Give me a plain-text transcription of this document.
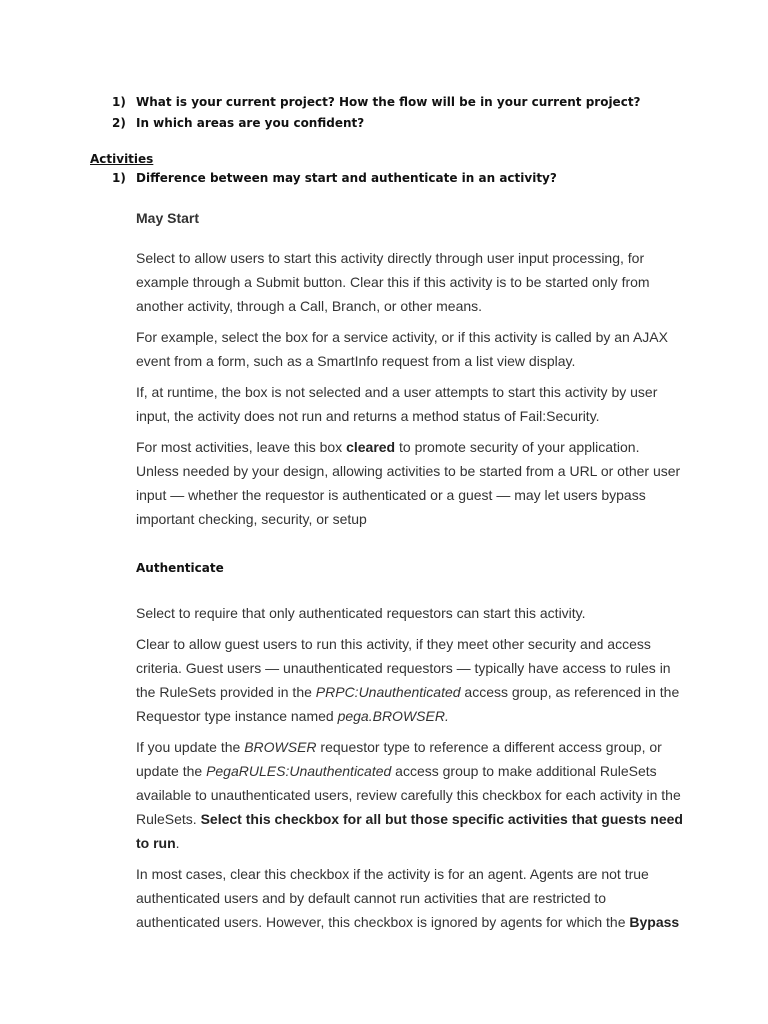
1) What is your current project? How the flow will be in your current project?
2) In which areas are you confident?
Activities
1) Difference between may start and authenticate in an activity?
May Start

Select to allow users to start this activity directly through user input processing, for example through a Submit button. Clear this if this activity is to be started only from another activity, through a Call, Branch, or other means.

For example, select the box for a service activity, or if this activity is called by an AJAX event from a form, such as a SmartInfo request from a list view display.

If, at runtime, the box is not selected and a user attempts to start this activity by user input, the activity does not run and returns a method status of Fail:Security.

For most activities, leave this box cleared to promote security of your application. Unless needed by your design, allowing activities to be started from a URL or other user input — whether the requestor is authenticated or a guest — may let users bypass important checking, security, or setup

Authenticate

Select to require that only authenticated requestors can start this activity.

Clear to allow guest users to run this activity, if they meet other security and access criteria. Guest users — unauthenticated requestors — typically have access to rules in the RuleSets provided in the PRPC:Unauthenticated access group, as referenced in the Requestor type instance named pega.BROWSER.

If you update the BROWSER requestor type to reference a different access group, or update the PegaRULES:Unauthenticated access group to make additional RuleSets available to unauthenticated users, review carefully this checkbox for each activity in the RuleSets. Select this checkbox for all but those specific activities that guests need to run.

In most cases, clear this checkbox if the activity is for an agent. Agents are not true authenticated users and by default cannot run activities that are restricted to authenticated users. However, this checkbox is ignored by agents for which the Bypass
